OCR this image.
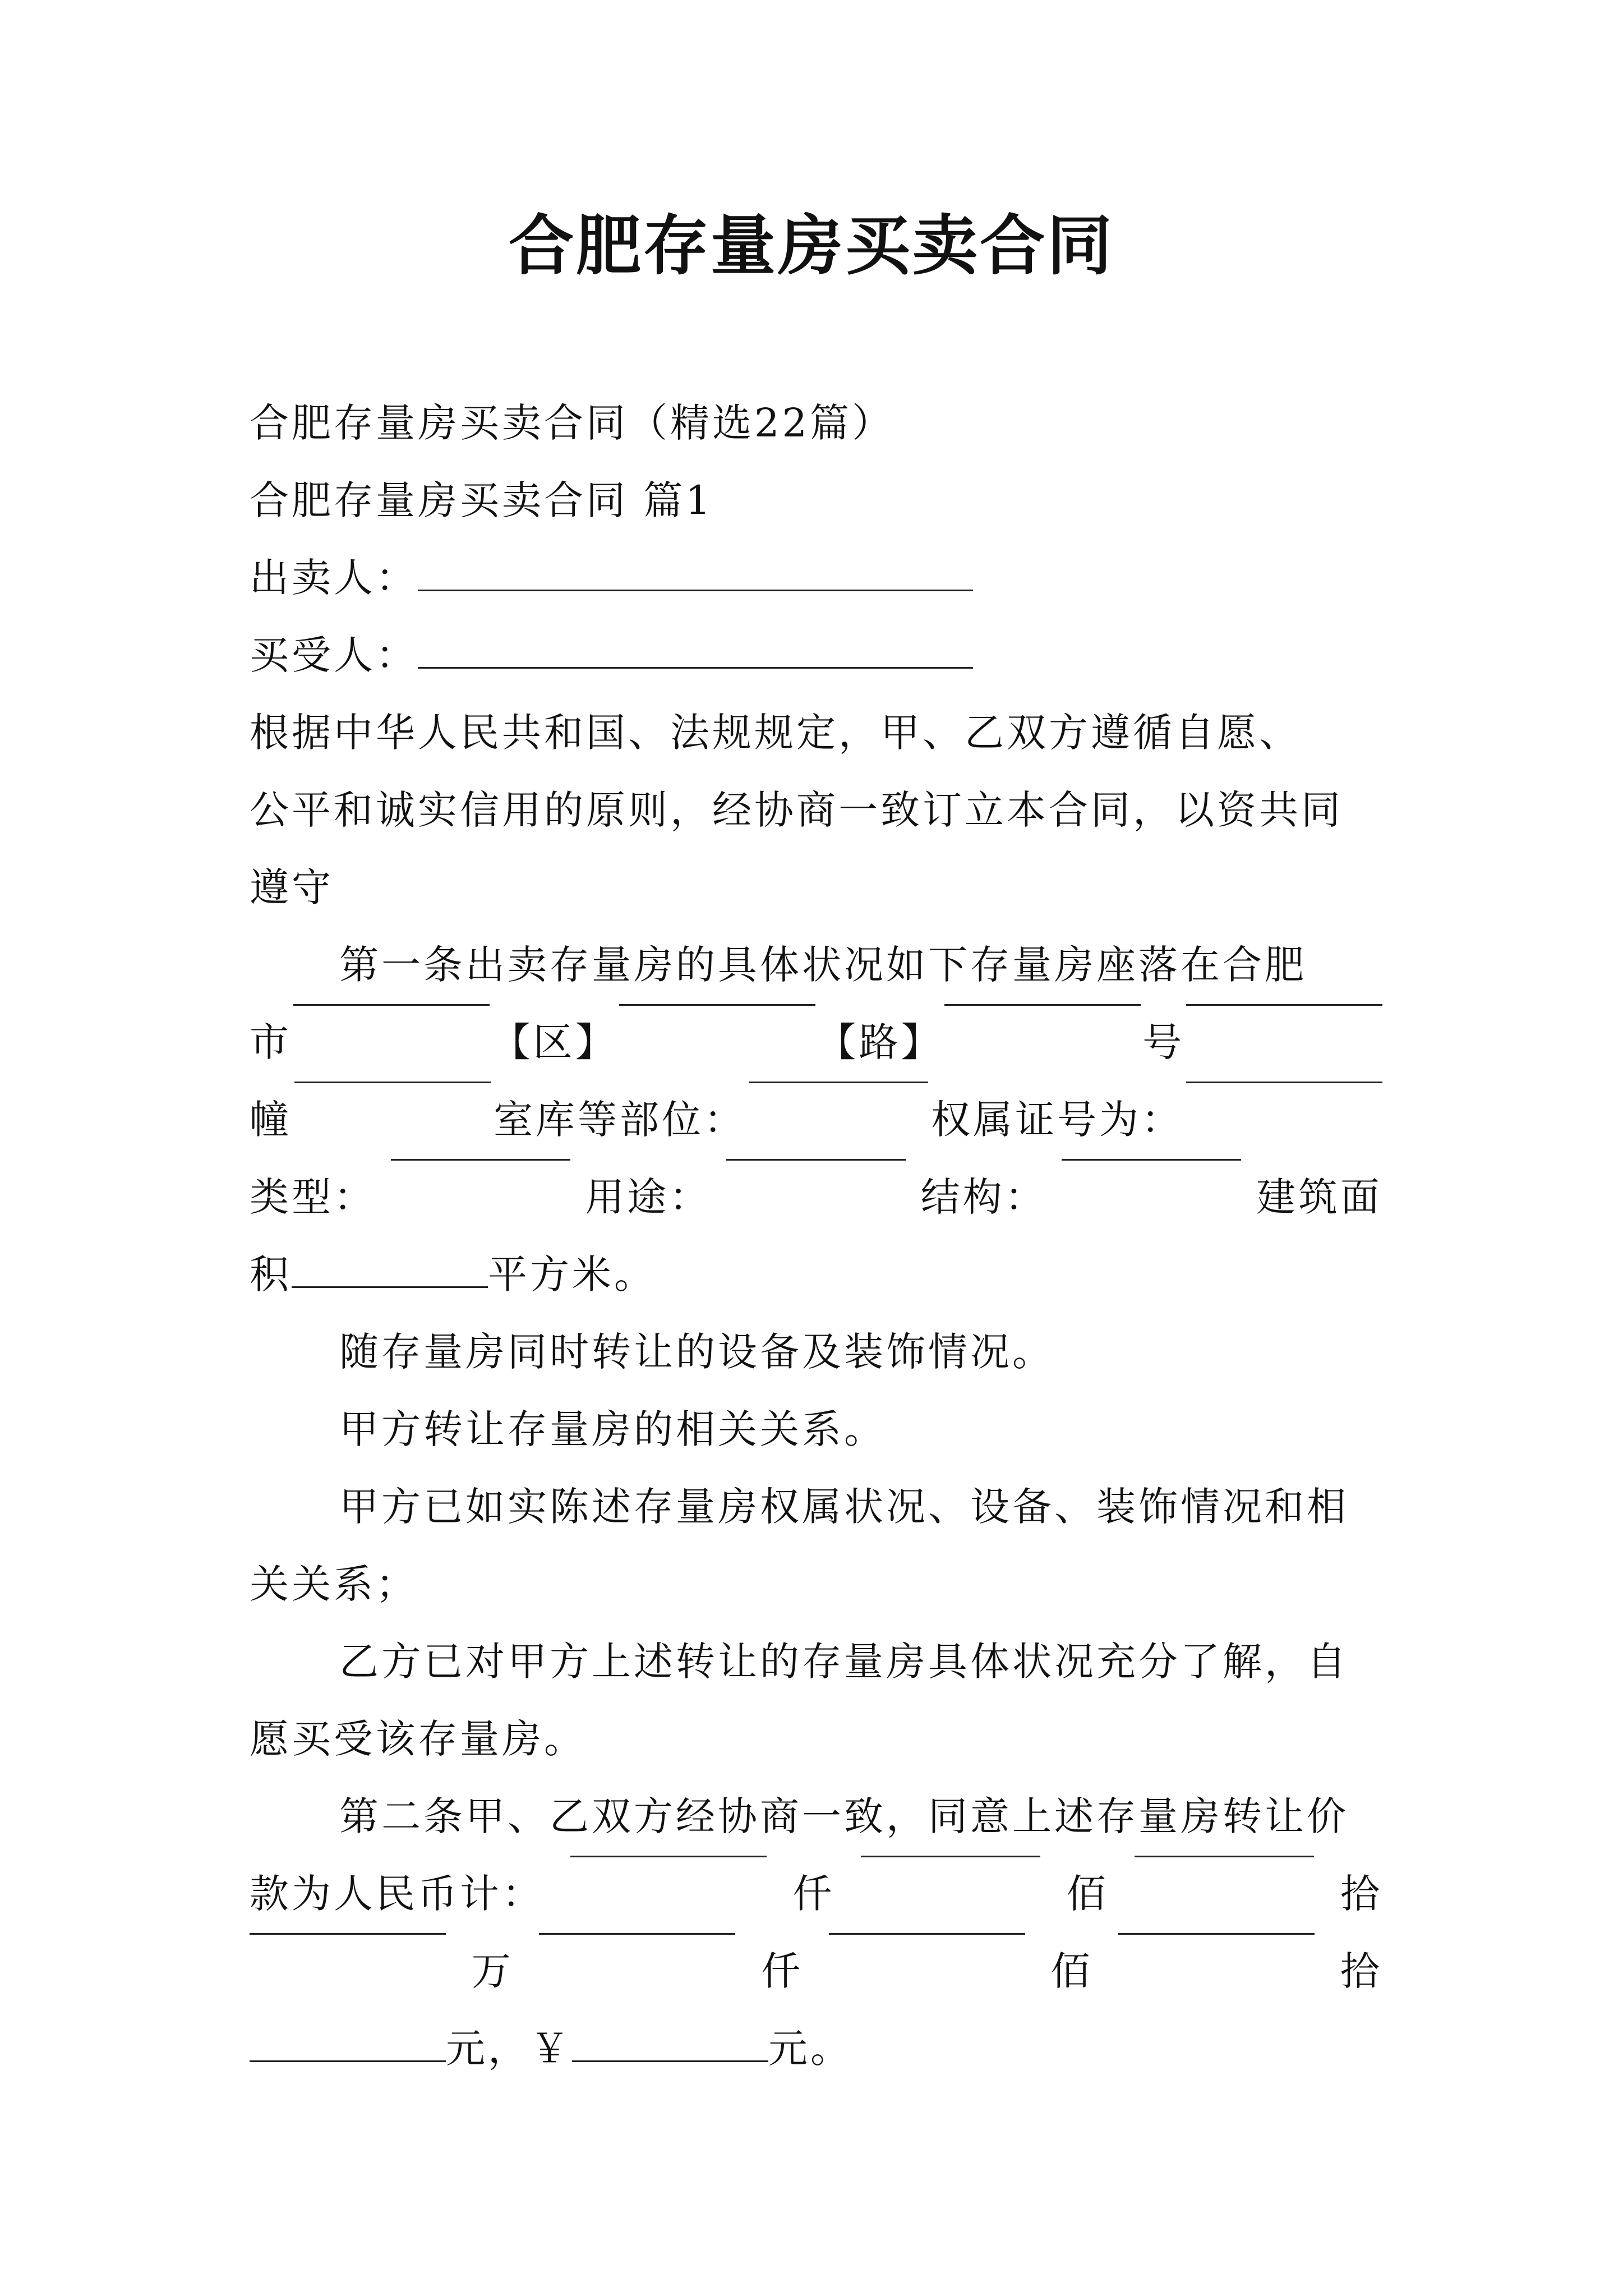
合肥存量房买卖合同
合肥存量房买卖合同（精选22篇）
合肥存量房买卖合同 篇1
出卖人：
买受人：
根据中华人民共和国、法规规定，甲、乙双方遵循自愿、
公平和诚实信用的原则，经协商一致订立本合同，以资共同
遵守
第一条出卖存量房的具体状况如下存量房座落在合肥
市	【区】	【路】	号
幢	室库等部位：	权属证号为：
类型：	用途：	结构：	建筑面
积	平方米。
随存量房同时转让的设备及装饰情况。
甲方转让存量房的相关关系。
甲方已如实陈述存量房权属状况、设备、装饰情况和相
关关系；
乙方已对甲方上述转让的存量房具体状况充分了解，自
愿买受该存量房。
第二条甲、乙双方经协商一致，同意上述存量房转让价
款为人民币计：	仟	佰	拾
万	仟	佰	拾
元，￥	元。
